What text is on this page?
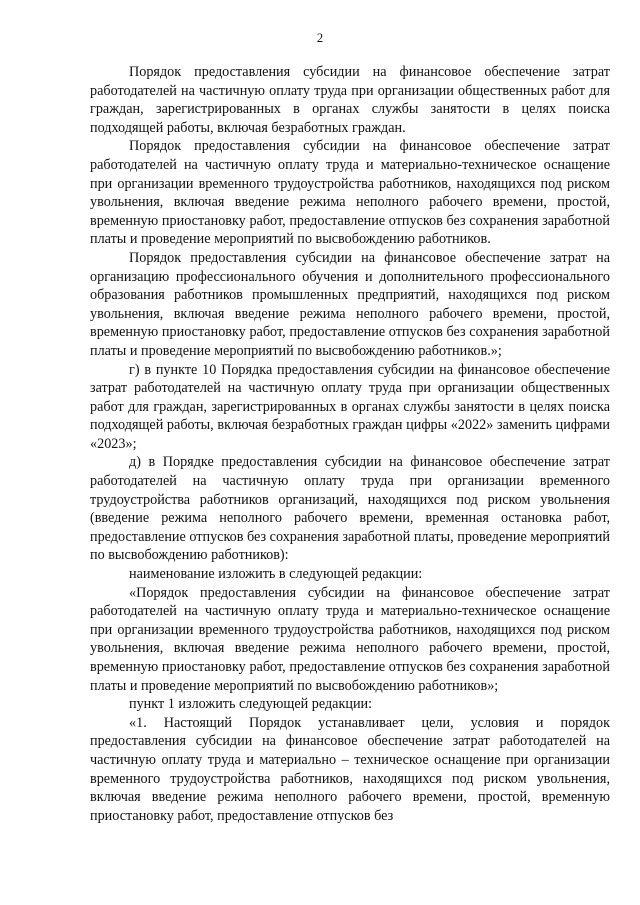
2

Порядок предоставления субсидии на финансовое обеспечение затрат работодателей на частичную оплату труда при организации общественных работ для граждан, зарегистрированных в органах службы занятости в целях поиска подходящей работы, включая безработных граждан.

Порядок предоставления субсидии на финансовое обеспечение затрат работодателей на частичную оплату труда и материально-техническое оснащение при организации временного трудоустройства работников, находящихся под риском увольнения, включая введение режима неполного рабочего времени, простой, временную приостановку работ, предоставление отпусков без сохранения заработной платы и проведение мероприятий по высвобождению работников.

Порядок предоставления субсидии на финансовое обеспечение затрат на организацию профессионального обучения и дополнительного профессионального образования работников промышленных предприятий, находящихся под риском увольнения, включая введение режима неполного рабочего времени, простой, временную приостановку работ, предоставление отпусков без сохранения заработной платы и проведение мероприятий по высвобождению работников.»;

г) в пункте 10 Порядка предоставления субсидии на финансовое обеспечение затрат работодателей на частичную оплату труда при организации общественных работ для граждан, зарегистрированных в органах службы занятости в целях поиска подходящей работы, включая безработных граждан цифры «2022» заменить цифрами «2023»;

д) в Порядке предоставления субсидии на финансовое обеспечение затрат работодателей на частичную оплату труда при организации временного трудоустройства работников организаций, находящихся под риском увольнения (введение режима неполного рабочего времени, временная остановка работ, предоставление отпусков без сохранения заработной платы, проведение мероприятий по высвобождению работников):

наименование изложить в следующей редакции:

«Порядок предоставления субсидии на финансовое обеспечение затрат работодателей на частичную оплату труда и материально-техническое оснащение при организации временного трудоустройства работников, находящихся под риском увольнения, включая введение режима неполного рабочего времени, простой, временную приостановку работ, предоставление отпусков без сохранения заработной платы и проведение мероприятий по высвобождению работников»;

пункт 1 изложить следующей редакции:

«1. Настоящий Порядок устанавливает цели, условия и порядок предоставления субсидии на финансовое обеспечение затрат работодателей на частичную оплату труда и материально – техническое оснащение при организации временного трудоустройства работников, находящихся под риском увольнения, включая введение режима неполного рабочего времени, простой, временную приостановку работ, предоставление отпусков без
